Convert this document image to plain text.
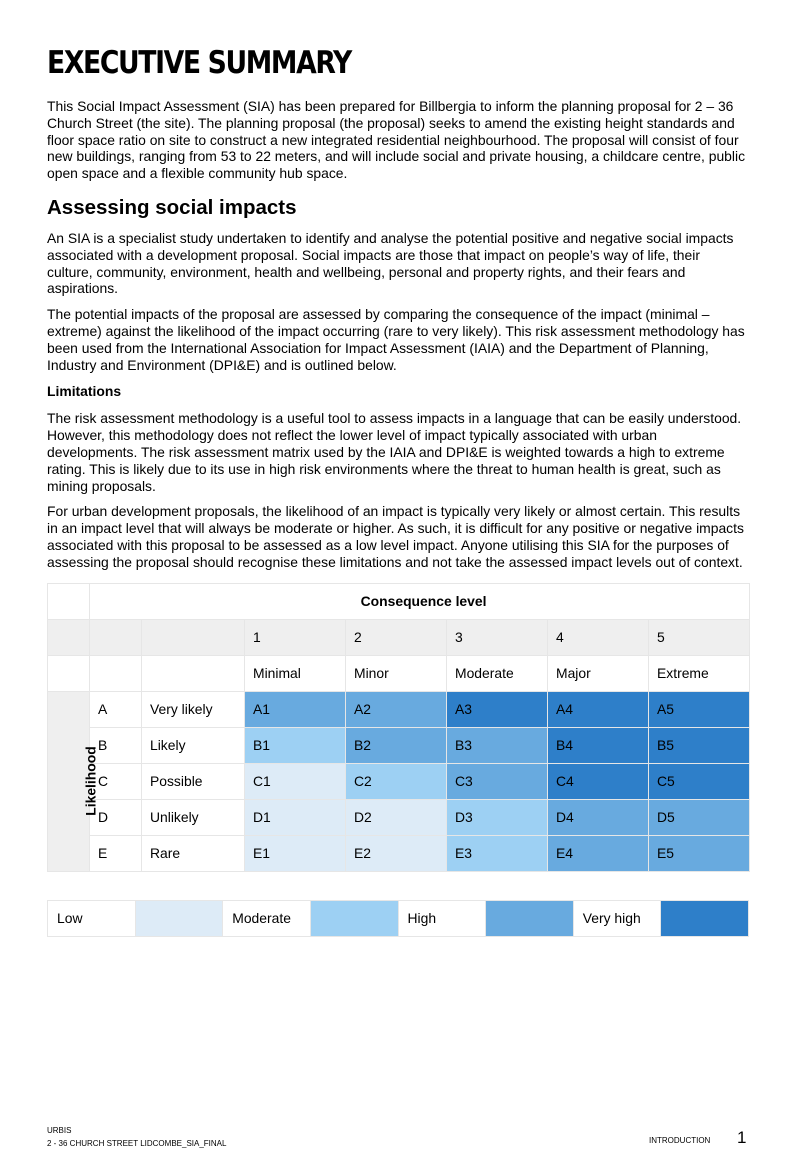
EXECUTIVE SUMMARY

This Social Impact Assessment (SIA) has been prepared for Billbergia to inform the planning proposal for 2 – 36 Church Street (the site). The planning proposal (the proposal) seeks to amend the existing height standards and floor space ratio on site to construct a new integrated residential neighbourhood. The proposal will consist of four new buildings, ranging from 53 to 22 meters, and will include social and private housing, a childcare centre, public open space and a flexible community hub space.

Assessing social impacts

An SIA is a specialist study undertaken to identify and analyse the potential positive and negative social impacts associated with a development proposal. Social impacts are those that impact on people’s way of life, their culture, community, environment, health and wellbeing, personal and property rights, and their fears and aspirations.

The potential impacts of the proposal are assessed by comparing the consequence of the impact (minimal – extreme) against the likelihood of the impact occurring (rare to very likely). This risk assessment methodology has been used from the International Association for Impact Assessment (IAIA) and the Department of Planning, Industry and Environment (DPI&E) and is outlined below.

Limitations

The risk assessment methodology is a useful tool to assess impacts in a language that can be easily understood. However, this methodology does not reflect the lower level of impact typically associated with urban developments. The risk assessment matrix used by the IAIA and DPI&E is weighted towards a high to extreme rating. This is likely due to its use in high risk environments where the threat to human health is great, such as mining proposals.

For urban development proposals, the likelihood of an impact is typically very likely or almost certain. This results in an impact level that will always be moderate or higher. As such, it is difficult for any positive or negative impacts associated with this proposal to be assessed as a low level impact. Anyone utilising this SIA for the purposes of assessing the proposal should recognise these limitations and not take the assessed impact levels out of context.

	Consequence level						
			1	2	3	4	5
			Minimal	Minor	Moderate	Major	Extreme
Likelihood	A	Very likely	A1	A2	A3	A4	A5
	B	Likely	B1	B2	B3	B4	B5
	C	Possible	C1	C2	C3	C4	C5
	D	Unlikely	D1	D2	D3	D4	D5
	E	Rare	E1	E2	E3	E4	E5
Low		Moderate		High		Very high	
URBIS
2 - 36 CHURCH STREET LIDCOMBE_SIA_FINAL	INTRODUCTION 1
